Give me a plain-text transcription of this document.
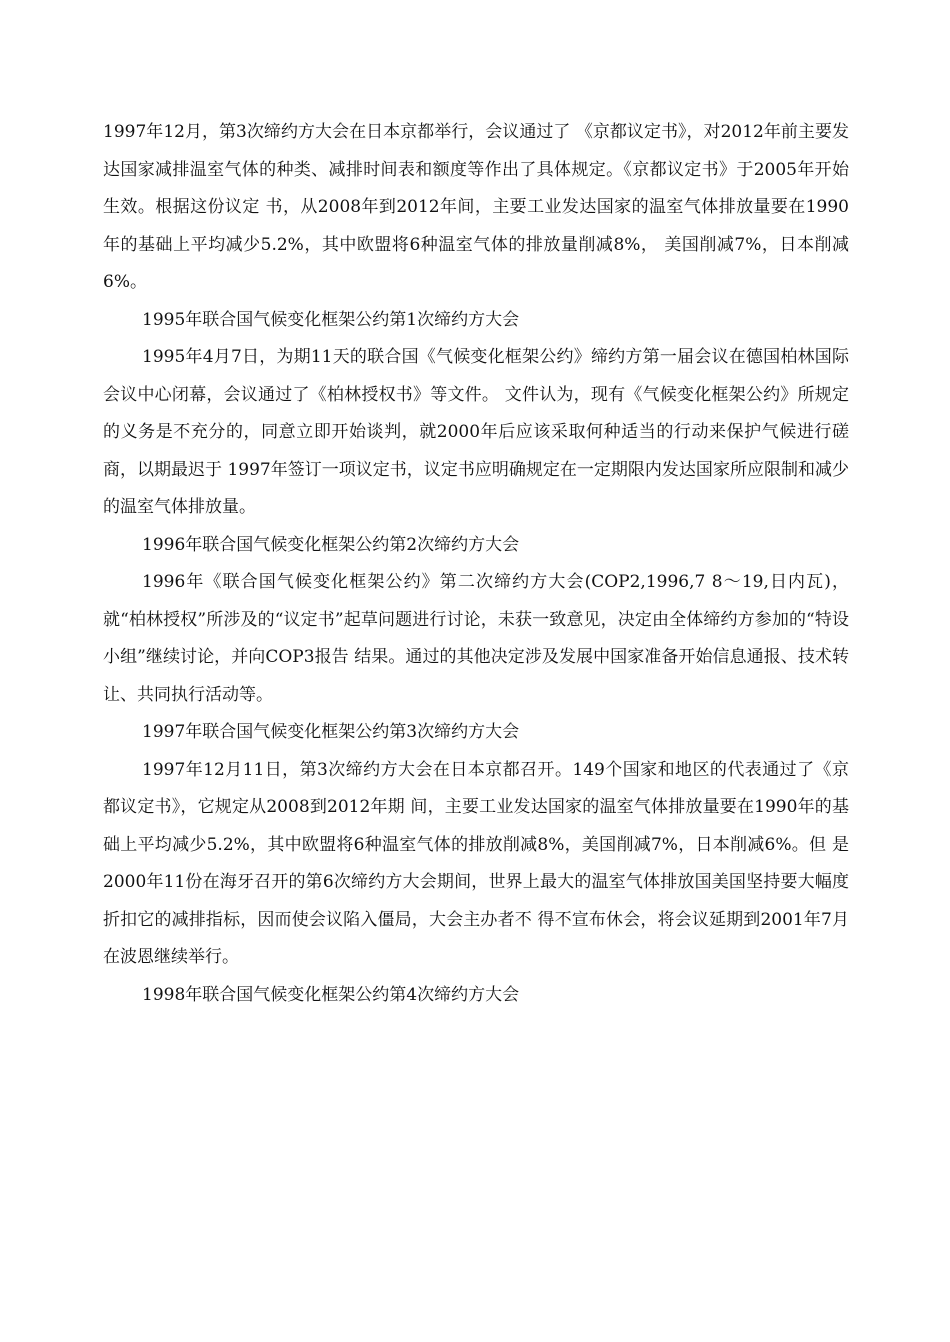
1997年12月，第3次缔约方大会在日本京都举行，会议通过了 《京都议定书》，对2012年前主要发达国家减排温室气体的种类、减排时间表和额度等作出了具体规定。《京都议定书》于2005年开始生效。根据这份议定 书，从2008年到2012年间，主要工业发达国家的温室气体排放量要在1990年的基础上平均减少5.2%，其中欧盟将6种温室气体的排放量削减8%， 美国削减7%，日本削减6%。

1995年联合国气候变化框架公约第1次缔约方大会

1995年4月7日，为期11天的联合国《气候变化框架公约》缔约方第一届会议在德国柏林国际会议中心闭幕，会议通过了《柏林授权书》等文件。 文件认为，现有《气候变化框架公约》所规定的义务是不充分的，同意立即开始谈判，就2000年后应该采取何种适当的行动来保护气候进行磋商，以期最迟于 1997年签订一项议定书，议定书应明确规定在一定期限内发达国家所应限制和减少的温室气体排放量。

1996年联合国气候变化框架公约第2次缔约方大会

1996年《联合国气候变化框架公约》第二次缔约方大会(COP2,1996,7 8～19,日内瓦)，就“柏林授权”所涉及的“议定书”起草问题进行讨论，未获一致意见，决定由全体缔约方参加的“特设小组”继续讨论，并向COP3报告 结果。通过的其他决定涉及发展中国家准备开始信息通报、技术转让、共同执行活动等。

1997年联合国气候变化框架公约第3次缔约方大会

1997年12月11日，第3次缔约方大会在日本京都召开。149个国家和地区的代表通过了《京都议定书》，它规定从2008到2012年期 间，主要工业发达国家的温室气体排放量要在1990年的基础上平均减少5.2%，其中欧盟将6种温室气体的排放削减8%，美国削减7%，日本削减6%。但 是2000年11份在海牙召开的第6次缔约方大会期间，世界上最大的温室气体排放国美国坚持要大幅度折扣它的减排指标，因而使会议陷入僵局，大会主办者不 得不宣布休会，将会议延期到2001年7月在波恩继续举行。

1998年联合国气候变化框架公约第4次缔约方大会
